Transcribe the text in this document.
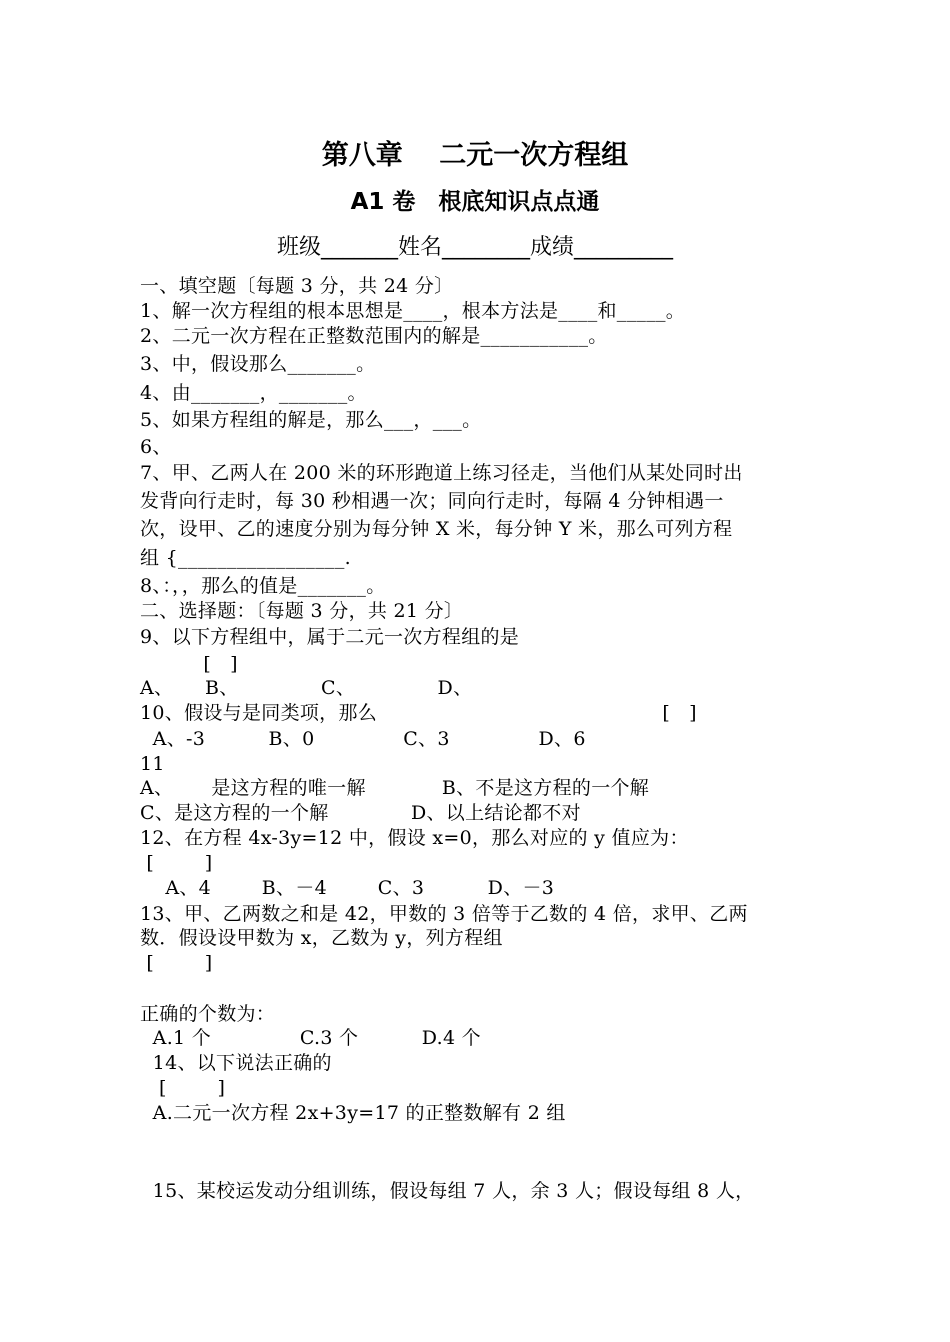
第八章　 二元一次方程组
A1 卷　根底知识点点通
班级_______姓名________成绩_________
一、填空题〔每题 3 分，共 24 分〕
1、解一次方程组的根本思想是____，根本方法是____和_____。
2、二元一次方程在正整数范围内的解是___________。
3、中，假设那么_______。
4、由_______，_______。
5、如果方程组的解是，那么___，___。
6、
7、甲、乙两人在 200 米的环形跑道上练习径走，当他们从某处同时出
发背向行走时，每 30 秒相遇一次；同向行走时，每隔 4 分钟相遇一
次，设甲、乙的速度分别为每分钟 X 米，每分钟 Y 米，那么可列方程
组 {_________________.
8、：，，那么的值是_______。
二、选择题：〔每题 3 分，共 21 分〕
9、以下方程组中，属于二元一次方程组的是
[   ]
A、     B、             C、             D、
10、假设与是同类项，那么                                             [   ]
A、-3          B、0              C、3              D、6
11
A、      是这方程的唯一解            B、不是这方程的一个解
C、是这方程的一个解             D、以上结论都不对
12、在方程 4x-3y=12 中，假设 x=0，那么对应的 y 值应为：
[        ]
A、4        B、－4        C、3          D、－3
13、甲、乙两数之和是 42，甲数的 3 倍等于乙数的 4 倍，求甲、乙两
数．假设设甲数为 x，乙数为 y，列方程组
[        ]
正确的个数为：
A.1 个              C.3 个          D.4 个
14、以下说法正确的
[        ]
A.二元一次方程 2x+3y=17 的正整数解有 2 组
15、某校运发动分组训练，假设每组 7 人，余 3 人；假设每组 8 人，
